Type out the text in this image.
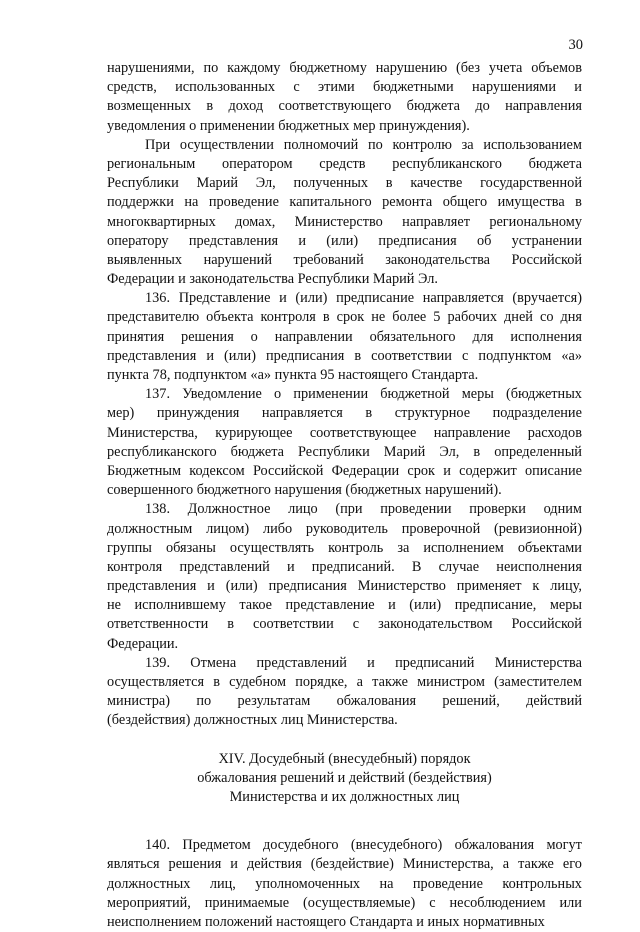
30
нарушениями, по каждому бюджетному нарушению (без учета объемов
средств, использованных с этими бюджетными нарушениями и
возмещенных в доход соответствующего бюджета до направления
уведомления о применении бюджетных мер принуждения).
При осуществлении полномочий по контролю за использованием
региональным оператором средств республиканского бюджета
Республики Марий Эл, полученных в качестве государственной
поддержки на проведение капитального ремонта общего имущества в
многоквартирных домах, Министерство направляет региональному
оператору представления и (или) предписания об устранении
выявленных нарушений требований законодательства Российской
Федерации и законодательства Республики Марий Эл.
136. Представление и (или) предписание направляется (вручается)
представителю объекта контроля в срок не более 5 рабочих дней со дня
принятия решения о направлении обязательного для исполнения
представления и (или) предписания в соответствии с подпунктом «а»
пункта 78, подпунктом «а» пункта 95 настоящего Стандарта.
137. Уведомление о применении бюджетной меры (бюджетных
мер) принуждения направляется в структурное подразделение
Министерства, курирующее соответствующее направление расходов
республиканского бюджета Республики Марий Эл, в определенный
Бюджетным кодексом Российской Федерации срок и содержит описание
совершенного бюджетного нарушения (бюджетных нарушений).
138. Должностное лицо (при проведении проверки одним
должностным лицом) либо руководитель проверочной (ревизионной)
группы обязаны осуществлять контроль за исполнением объектами
контроля представлений и предписаний. В случае неисполнения
представления и (или) предписания Министерство применяет к лицу,
не исполнившему такое представление и (или) предписание, меры
ответственности в соответствии с законодательством Российской
Федерации.
139. Отмена представлений и предписаний Министерства
осуществляется в судебном порядке, а также министром (заместителем
министра) по результатам обжалования решений, действий
(бездействия) должностных лиц Министерства.
XIV. Досудебный (внесудебный) порядок
обжалования решений и действий (бездействия)
Министерства и их должностных лиц
140. Предметом досудебного (внесудебного) обжалования могут
являться решения и действия (бездействие) Министерства, а также его
должностных лиц, уполномоченных на проведение контрольных
мероприятий, принимаемые (осуществляемые) с несоблюдением или
неисполнением положений настоящего Стандарта и иных нормативных
